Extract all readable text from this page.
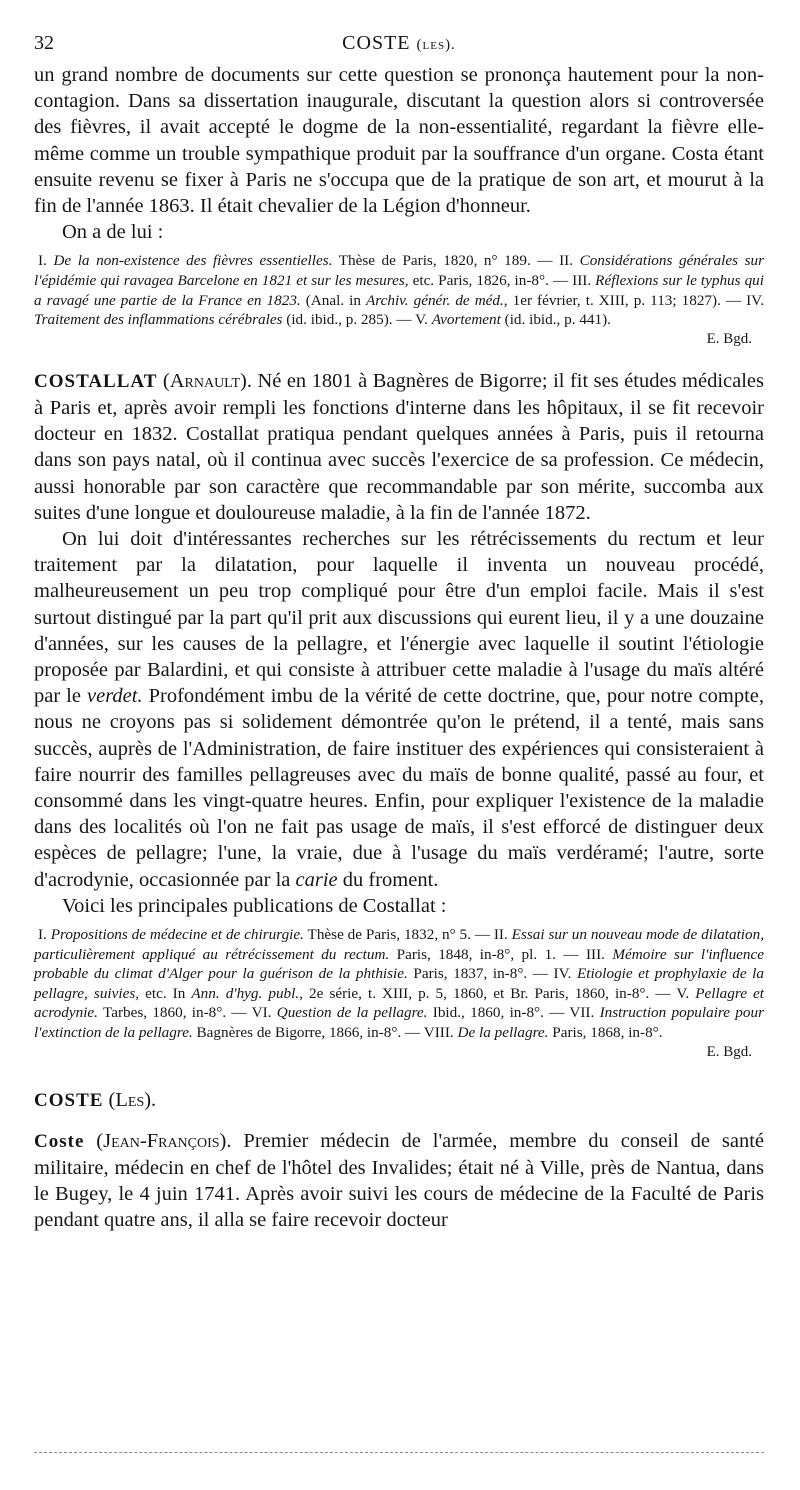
32	COSTE (les).

un grand nombre de documents sur cette question se prononça hautement pour la non-contagion. Dans sa dissertation inaugurale, discutant la question alors si controversée des fièvres, il avait accepté le dogme de la non-essentialité, regardant la fièvre elle-même comme un trouble sympathique produit par la souffrance d'un organe. Costa étant ensuite revenu se fixer à Paris ne s'occupa que de la pratique de son art, et mourut à la fin de l'année 1863. Il était chevalier de la Légion d'honneur.

On a de lui :

I. De la non-existence des fièvres essentielles. Thèse de Paris, 1820, n° 189. — II. Considérations générales sur l'épidémie qui ravagea Barcelone en 1821 et sur les mesures, etc. Paris, 1826, in-8°. — III. Réflexions sur le typhus qui a ravagé une partie de la France en 1823. (Anal. in Archiv. génér. de méd., 1er février, t. XIII, p. 113; 1827). — IV. Traitement des inflammations cérébrales (id. ibid., p. 285). — V. Avortement (id. ibid., p. 441).

E. Bgd.

COSTALLAT (Arnault). Né en 1801 à Bagnères de Bigorre; il fit ses études médicales à Paris et, après avoir rempli les fonctions d'interne dans les hôpitaux, il se fit recevoir docteur en 1832. Costallat pratiqua pendant quelques années à Paris, puis il retourna dans son pays natal, où il continua avec succès l'exercice de sa profession. Ce médecin, aussi honorable par son caractère que recommandable par son mérite, succomba aux suites d'une longue et douloureuse maladie, à la fin de l'année 1872.

On lui doit d'intéressantes recherches sur les rétrécissements du rectum et leur traitement par la dilatation, pour laquelle il inventa un nouveau procédé, malheureusement un peu trop compliqué pour être d'un emploi facile. Mais il s'est surtout distingué par la part qu'il prit aux discussions qui eurent lieu, il y a une douzaine d'années, sur les causes de la pellagre, et l'énergie avec laquelle il soutint l'étiologie proposée par Balardini, et qui consiste à attribuer cette maladie à l'usage du maïs altéré par le verdet. Profondément imbu de la vérité de cette doctrine, que, pour notre compte, nous ne croyons pas si solidement démontrée qu'on le prétend, il a tenté, mais sans succès, auprès de l'Administration, de faire instituer des expériences qui consisteraient à faire nourrir des familles pellagreuses avec du maïs de bonne qualité, passé au four, et consommé dans les vingt-quatre heures. Enfin, pour expliquer l'existence de la maladie dans des localités où l'on ne fait pas usage de maïs, il s'est efforcé de distinguer deux espèces de pellagre; l'une, la vraie, due à l'usage du maïs verdéramé; l'autre, sorte d'acrodynie, occasionnée par la carie du froment.

Voici les principales publications de Costallat :

I. Propositions de médecine et de chirurgie. Thèse de Paris, 1832, n° 5. — II. Essai sur un nouveau mode de dilatation, particulièrement appliqué au rétrécissement du rectum. Paris, 1848, in-8°, pl. 1. — III. Mémoire sur l'influence probable du climat d'Alger pour la guérison de la phthisie. Paris, 1837, in-8°. — IV. Etiologie et prophylaxie de la pellagre, suivies, etc. In Ann. d'hyg. publ., 2e série, t. XIII, p. 5, 1860, et Br. Paris, 1860, in-8°. — V. Pellagre et acrodynie. Tarbes, 1860, in-8°. — VI. Question de la pellagre. Ibid., 1860, in-8°. — VII. Instruction populaire pour l'extinction de la pellagre. Bagnères de Bigorre, 1866, in-8°. — VIII. De la pellagre. Paris, 1868, in-8°.

E. Bgd.

COSTE (Les).

Coste (Jean-François). Premier médecin de l'armée, membre du conseil de santé militaire, médecin en chef de l'hôtel des Invalides; était né à Ville, près de Nantua, dans le Bugey, le 4 juin 1741. Après avoir suivi les cours de médecine de la Faculté de Paris pendant quatre ans, il alla se faire recevoir docteur
